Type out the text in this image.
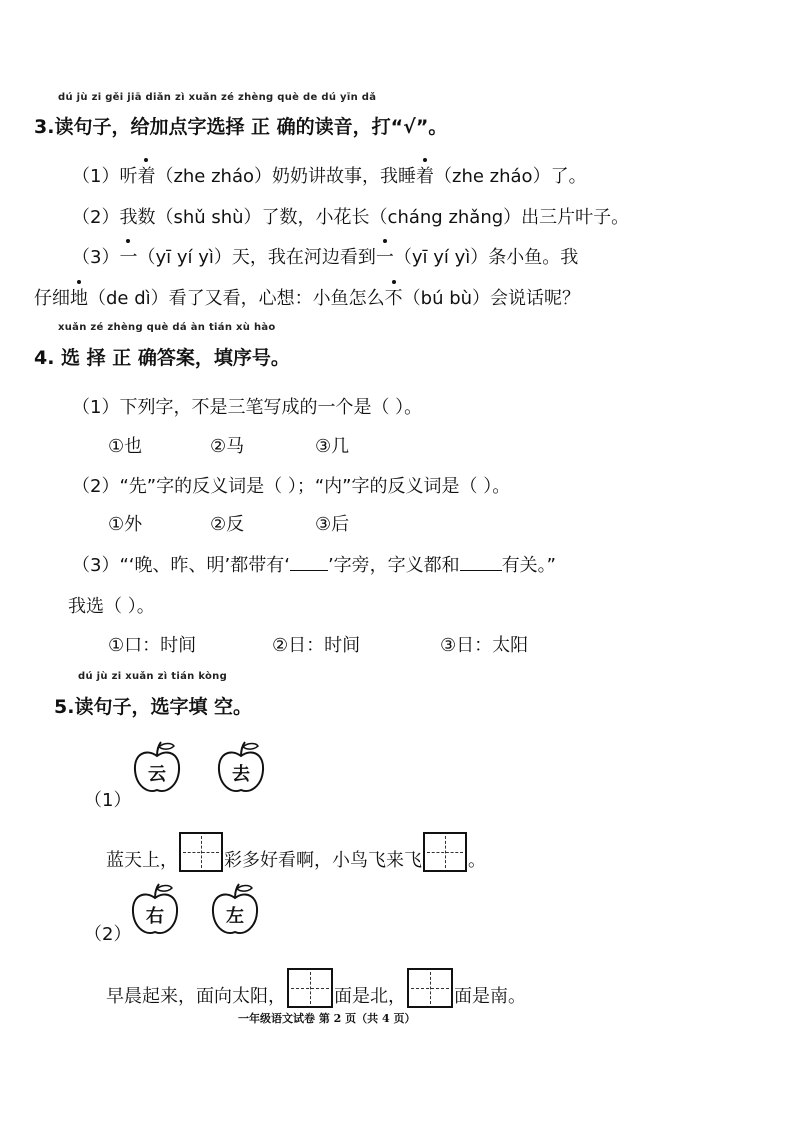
dú jù zi gěi jiā diǎn zì xuǎn zé zhèng què de dú yīn dǎ
3.读句子，给加点字选择 正 确的读音，打“√”。
（1）听着（zhe zháo）奶奶讲故事，我睡着（zhe zháo）了。
（2）我数（shǔ shù）了数，小花长（cháng zhǎng）出三片叶子。
（3）一（yī yí yì）天，我在河边看到一（yī yí yì）条小鱼。我
仔细地（de dì）看了又看，心想：小鱼怎么不（bú bù）会说话呢？
xuǎn zé zhèng què dá àn tián xù hào
4. 选 择 正 确答案，填序号。
（1）下列字，不是三笔写成的一个是（ ）。
①也	②马	③几
（2）“先”字的反义词是（ ）；“内”字的反义词是（ ）。
①外	②反	③后
（3）“‘晚、昨、明’都带有‘ ’字旁，字义都和 有关。”
我选（ ）。
①口：时间	②日：时间	③日：太阳
dú jù zi xuǎn zì tián kòng
5.读句子，选字填 空。
云	去
（1）
蓝天上，	彩多好看啊，小鸟飞来飞	。
右	左
（2）
早晨起来，面向太阳，	面是北，	面是南。
一年级语文试卷 第 2 页（共 4 页）
